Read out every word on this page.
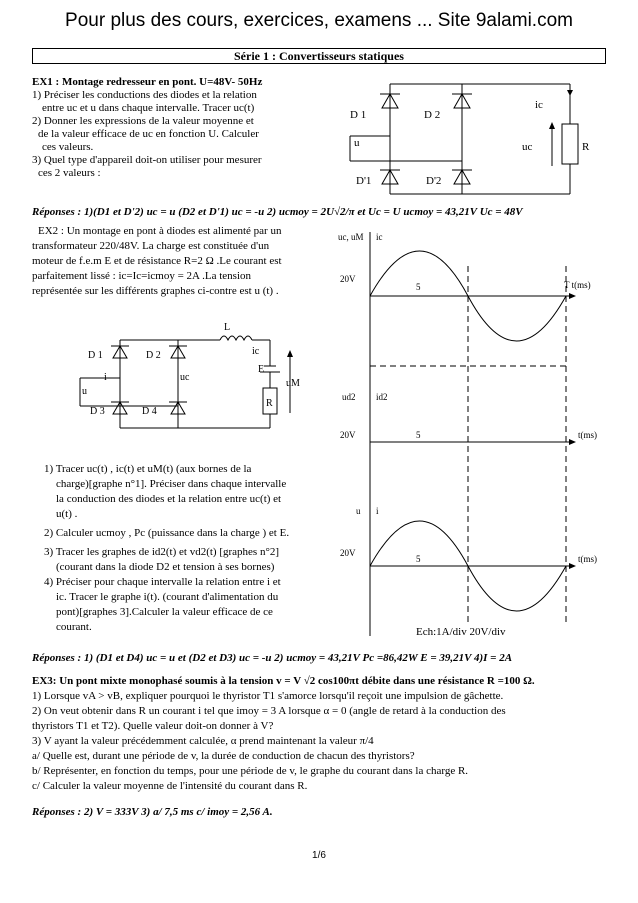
Pour plus des cours, exercices, examens ... Site 9alami.com
Série 1 : Convertisseurs statiques
EX1 : Montage redresseur en pont. U=48V- 50Hz
1) Préciser les conductions des diodes et la relation
entre uc et u dans chaque intervalle. Tracer uc(t)
2) Donner les expressions de la valeur moyenne et
de la valeur efficace de uc en fonction U. Calculer
ces valeurs.
3) Quel type d'appareil doit-on utiliser pour mesurer
ces 2 valeurs :
D 1	D 2
u
D'1	D'2
ic
uc	R
Réponses : 1)(D1 et D'2) uc = u (D2 et D'1) uc = -u 2) ucmoy = 2U√2/π et Uc = U ucmoy = 43,21V Uc = 48V
EX2 : Un montage en pont à diodes est alimenté par un
transformateur 220/48V. La charge est constituée d'un
moteur de f.e.m E et de résistance R=2 Ω .Le courant est
parfaitement lissé : ic=Ic=icmoy = 2A .La tension
représentée sur les différents graphes ci-contre est u (t) .
L
ic
D 1	D 2
u
i	uc
E
R
uM
D 3	D 4
1) Tracer uc(t) , ic(t) et uM(t) (aux bornes de la
charge)[graphe n°1]. Préciser dans chaque intervalle
la conduction des diodes et la relation entre uc(t) et
u(t) .
2) Calculer ucmoy , Pc (puissance dans la charge ) et E.
3) Tracer les graphes de id2(t) et vd2(t) [graphes n°2]
(courant dans la diode D2 et tension à ses bornes)
4) Préciser pour chaque intervalle la relation entre i et
ic. Tracer le graphe i(t). (courant d'alimentation du
pont)[graphes 3].Calculer la valeur efficace de ce
courant.
uc, uM ic
20V
5	T t(ms)
ud2 id2
20V	5	t(ms)
u i
20V
5	t(ms)
Ech:1A/div 20V/div
Réponses : 1) (D1 et D4) uc = u et (D2 et D3) uc = -u 2) ucmoy = 43,21V Pc =86,42W E = 39,21V 4)I = 2A
EX3: Un pont mixte monophasé soumis à la tension v = V √2 cos100πt débite dans une résistance R =100 Ω.
1) Lorsque vA > vB, expliquer pourquoi le thyristor T1 s'amorce lorsqu'il reçoit une impulsion de gâchette.
2) On veut obtenir dans R un courant i tel que imoy = 3 A lorsque α = 0 (angle de retard à la conduction des
thyristors T1 et T2). Quelle valeur doit-on donner à V?
3) V ayant la valeur précédemment calculée, α prend maintenant la valeur π/4
a/ Quelle est, durant une période de v, la durée de conduction de chacun des thyristors?
b/ Représenter, en fonction du temps, pour une période de v, le graphe du courant dans la charge R.
c/ Calculer la valeur moyenne de l'intensité du courant dans R.
Réponses : 2) V = 333V 3) a/ 7,5 ms c/ imoy = 2,56 A.
1/6
